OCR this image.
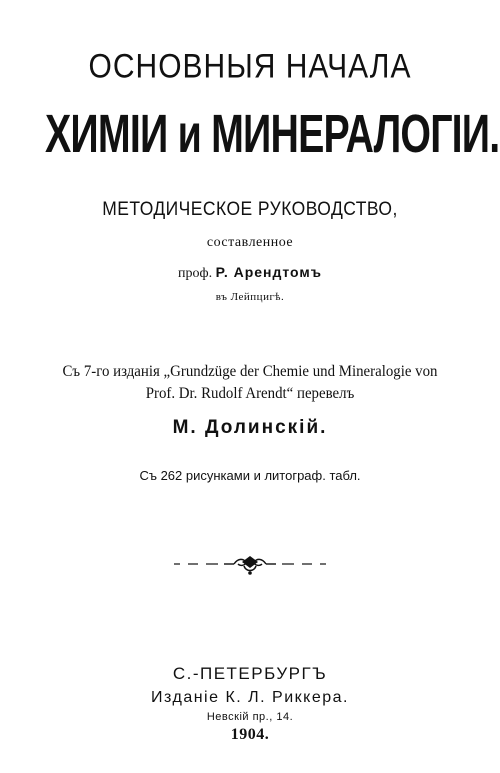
ОСНОВНЫЯ НАЧАЛА
ХИМІИ и МИНЕРАЛОГІИ.
МЕТОДИЧЕСКОЕ РУКОВОДСТВО,
составленное
проф. Р. Арендтомъ
въ Лейпцигѣ.
Съ 7-го изданія „Grundzüge der Chemie und Mineralogie von
Prof. Dr. Rudolf Arendt“ перевелъ
М. Долинскій.
Съ 262 рисунками и литограф. табл.
С.-ПЕТЕРБУРГЪ
Изданіе К. Л. Риккера.
Невскій пр., 14.
1904.
